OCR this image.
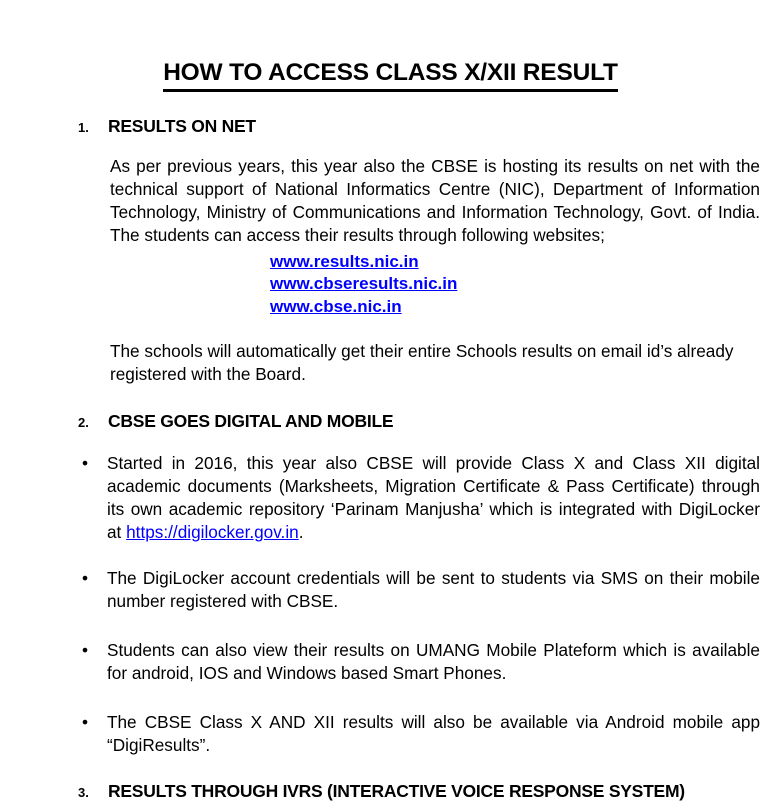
HOW TO ACCESS CLASS X/XII RESULT
1.	RESULTS ON NET

As per previous years, this year also the CBSE is hosting its results on net with the technical support of National Informatics Centre (NIC), Department of Information Technology, Ministry of Communications and Information Technology, Govt. of India. The students can access their results through following websites;

www.results.nic.in
www.cbseresults.nic.in
www.cbse.nic.in

The schools will automatically get their entire Schools results on email id’s already registered with the Board.

2.	CBSE GOES DIGITAL AND MOBILE
•	Started in 2016, this year also CBSE will provide Class X and Class XII digital academic documents (Marksheets, Migration Certificate & Pass Certificate) through its own academic repository ‘Parinam Manjusha’ which is integrated with DigiLocker at https://digilocker.gov.in.
•	The DigiLocker account credentials will be sent to students via SMS on their mobile number registered with CBSE.
•	Students can also view their results on UMANG Mobile Plateform which is available for android, IOS and Windows based Smart Phones.
•	The CBSE Class X AND XII results will also be available via Android mobile app “DigiResults”.
3.	RESULTS THROUGH IVRS (INTERACTIVE VOICE RESPONSE SYSTEM)
